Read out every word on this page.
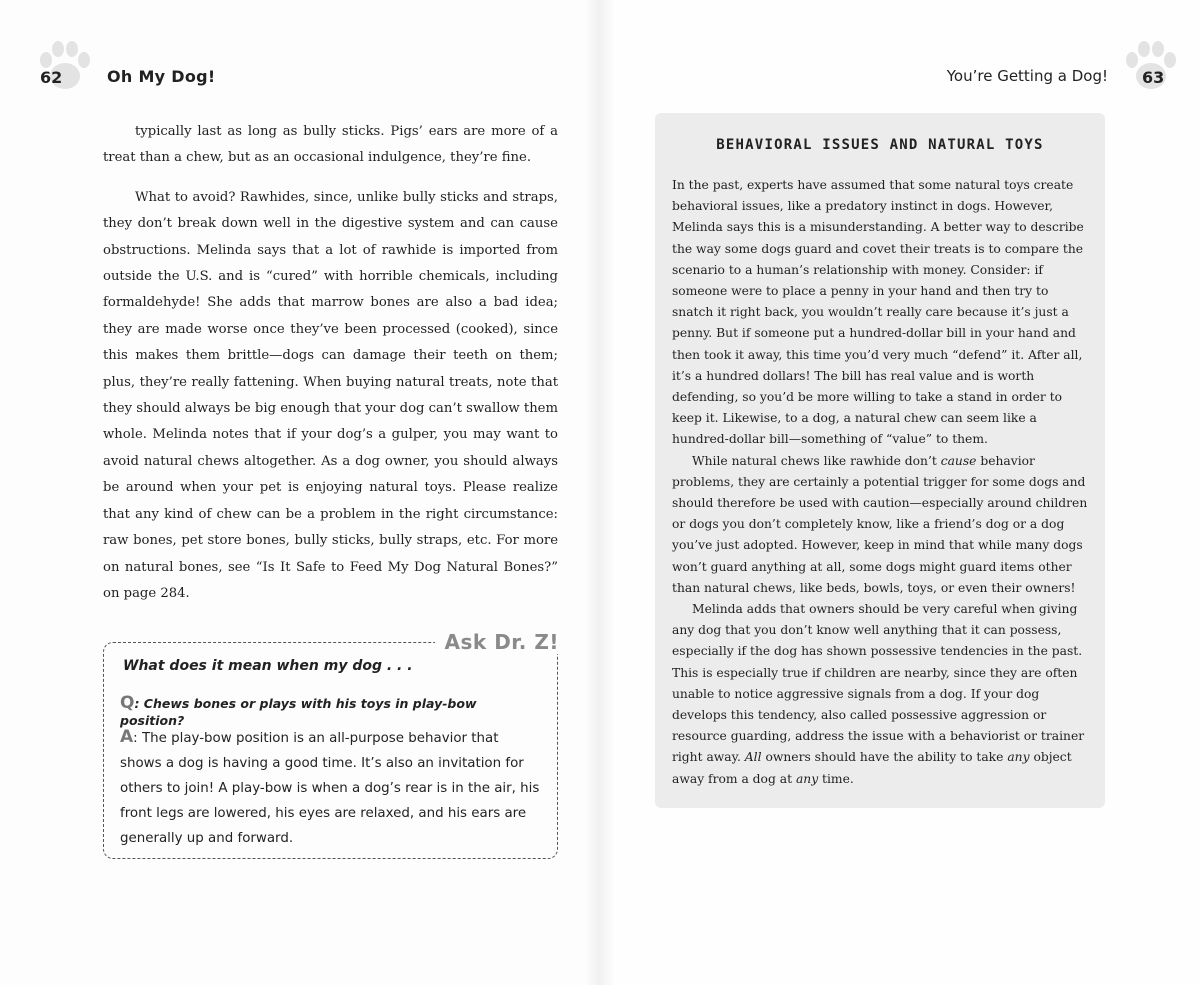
62	Oh My Dog!	You’re Getting a Dog! 63

typically last as long as bully sticks. Pigs’ ears are more of a treat than a chew, but as an occasional indulgence, they’re fine.

What to avoid? Rawhides, since, unlike bully sticks and straps, they don’t break down well in the digestive system and can cause obstructions. Melinda says that a lot of rawhide is imported from outside the U.S. and is “cured” with horrible chemicals, including formaldehyde! She adds that marrow bones are also a bad idea; they are made worse once they’ve been processed (cooked), since this makes them brittle—dogs can damage their teeth on them; plus, they’re really fattening. When buying natural treats, note that they should always be big enough that your dog can’t swallow them whole. Melinda notes that if your dog’s a gulper, you may want to avoid natural chews altogether. As a dog owner, you should always be around when your pet is enjoying natural toys. Please realize that any kind of chew can be a problem in the right circumstance: raw bones, pet store bones, bully sticks, bully straps, etc. For more on natural bones, see “Is It Safe to Feed My Dog Natural Bones?” on page 284.

Ask Dr. Z!
What does it mean when my dog . . .
Q: Chews bones or plays with his toys in play-bow position?
A: The play-bow position is an all-purpose behavior that shows a dog is having a good time. It’s also an invitation for others to join! A play-bow is when a dog’s rear is in the air, his front legs are lowered, his eyes are relaxed, and his ears are generally up and forward.
BEHAVIORAL ISSUES AND NATURAL TOYS

In the past, experts have assumed that some natural toys create behavioral issues, like a predatory instinct in dogs. However, Melinda says this is a misunderstanding. A better way to describe the way some dogs guard and covet their treats is to compare the scenario to a human’s relationship with money. Consider: if someone were to place a penny in your hand and then try to snatch it right back, you wouldn’t really care because it’s just a penny. But if someone put a hundred-dollar bill in your hand and then took it away, this time you’d very much “defend” it. After all, it’s a hundred dollars! The bill has real value and is worth defending, so you’d be more willing to take a stand in order to keep it. Likewise, to a dog, a natural chew can seem like a hundred-dollar bill—something of “value” to them.

While natural chews like rawhide don’t cause behavior problems, they are certainly a potential trigger for some dogs and should therefore be used with caution—especially around children or dogs you don’t completely know, like a friend’s dog or a dog you’ve just adopted. However, keep in mind that while many dogs won’t guard anything at all, some dogs might guard items other than natural chews, like beds, bowls, toys, or even their owners!

Melinda adds that owners should be very careful when giving any dog that you don’t know well anything that it can possess, especially if the dog has shown possessive tendencies in the past. This is especially true if children are nearby, since they are often unable to notice aggressive signals from a dog. If your dog develops this tendency, also called possessive aggression or resource guarding, address the issue with a behaviorist or trainer right away. All owners should have the ability to take any object away from a dog at any time.
